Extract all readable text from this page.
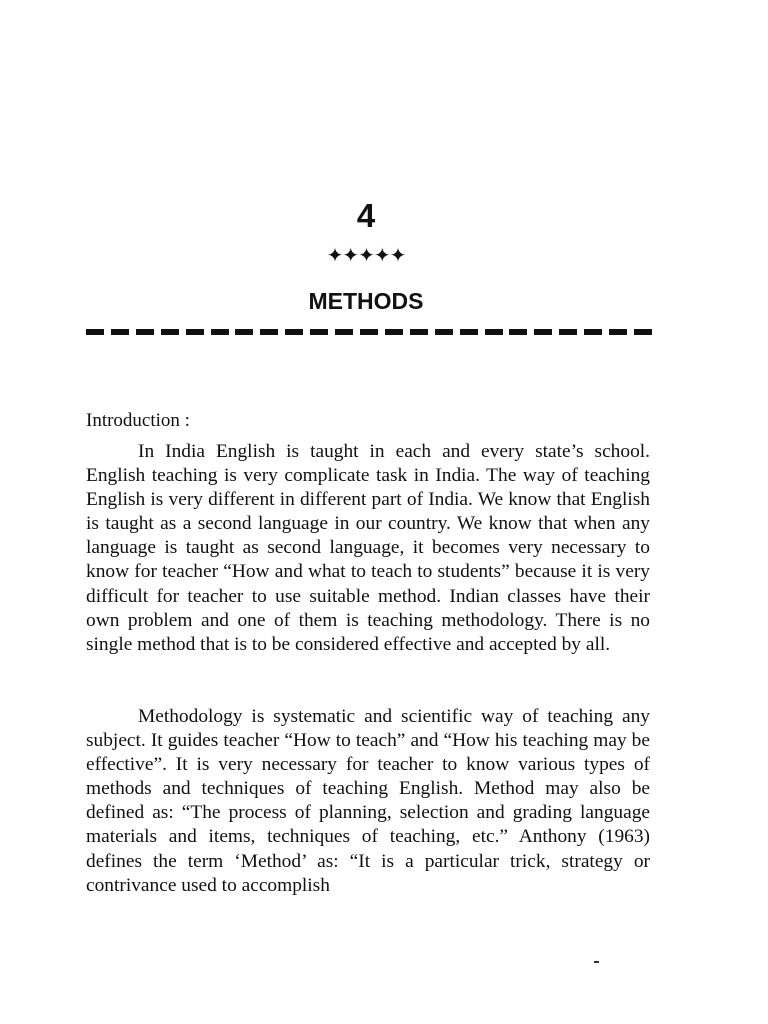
4
✦✦✦✦✦
METHODS
Introduction :

In India English is taught in each and every state’s school. English teaching is very complicate task in India. The way of teaching English is very different in different part of India. We know that English is taught as a second language in our country. We know that when any language is taught as second language, it becomes very necessary to know for teacher “How and what to teach to students” because it is very difficult for teacher to use suitable method. Indian classes have their own problem and one of them is teaching methodology. There is no single method that is to be considered effective and accepted by all.

Methodology is systematic and scientific way of teaching any subject. It guides teacher “How to teach” and “How his teaching may be effective”. It is very necessary for teacher to know various types of methods and techniques of teaching English. Method may also be defined as: “The process of planning, selection and grading language materials and items, techniques of teaching, etc.” Anthony (1963) defines the term ‘Method’ as: “It is a particular trick, strategy or contrivance used to accomplish
